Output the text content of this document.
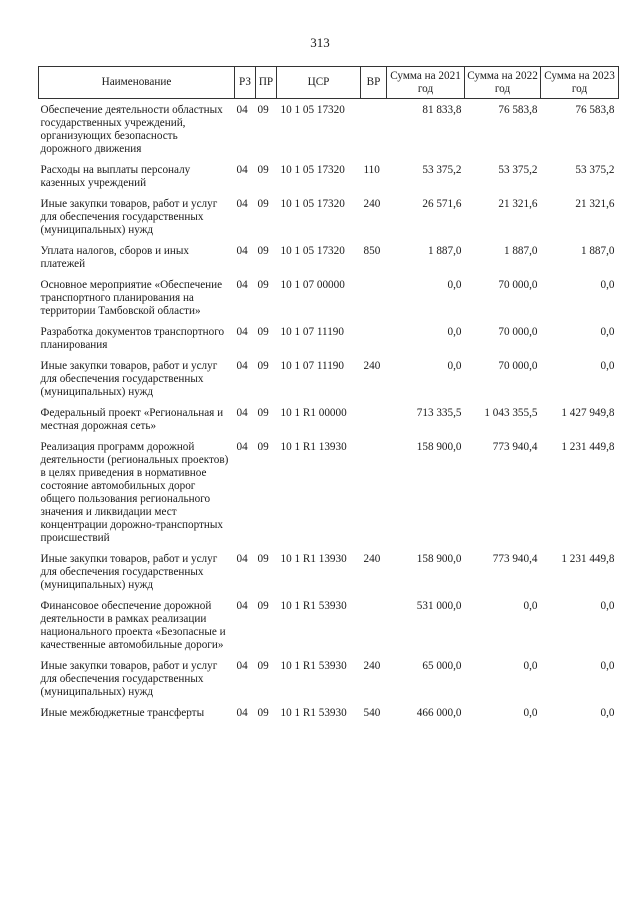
313
Наименование	РЗ	ПР	ЦСР	ВР	Сумма на 2021 год	Сумма на 2022 год	Сумма на 2023 год
Обеспечение деятельности областных государственных учреждений, организующих безопасность дорожного движения	04	09	10 1 05 17320		81 833,8	76 583,8	76 583,8
Расходы на выплаты персоналу казенных учреждений	04	09	10 1 05 17320	110	53 375,2	53 375,2	53 375,2
Иные закупки товаров, работ и услуг для обеспечения государственных (муниципальных) нужд	04	09	10 1 05 17320	240	26 571,6	21 321,6	21 321,6
Уплата налогов, сборов и иных платежей	04	09	10 1 05 17320	850	1 887,0	1 887,0	1 887,0
Основное мероприятие «Обеспечение транспортного планирования на территории Тамбовской области»	04	09	10 1 07 00000		0,0	70 000,0	0,0
Разработка документов транспортного планирования	04	09	10 1 07 11190		0,0	70 000,0	0,0
Иные закупки товаров, работ и услуг для обеспечения государственных (муниципальных) нужд	04	09	10 1 07 11190	240	0,0	70 000,0	0,0
Федеральный проект «Региональная и местная дорожная сеть»	04	09	10 1 R1 00000		713 335,5	1 043 355,5	1 427 949,8
Реализация программ дорожной деятельности (региональных проектов) в целях приведения в нормативное состояние автомобильных дорог общего пользования регионального значения и ликвидации мест концентрации дорожно-транспортных происшествий	04	09	10 1 R1 13930		158 900,0	773 940,4	1 231 449,8
Иные закупки товаров, работ и услуг для обеспечения государственных (муниципальных) нужд	04	09	10 1 R1 13930	240	158 900,0	773 940,4	1 231 449,8
Финансовое обеспечение дорожной деятельности в рамках реализации национального проекта «Безопасные и качественные автомобильные дороги»	04	09	10 1 R1 53930		531 000,0	0,0	0,0
Иные закупки товаров, работ и услуг для обеспечения государственных (муниципальных) нужд	04	09	10 1 R1 53930	240	65 000,0	0,0	0,0
Иные межбюджетные трансферты	04	09	10 1 R1 53930	540	466 000,0	0,0	0,0
